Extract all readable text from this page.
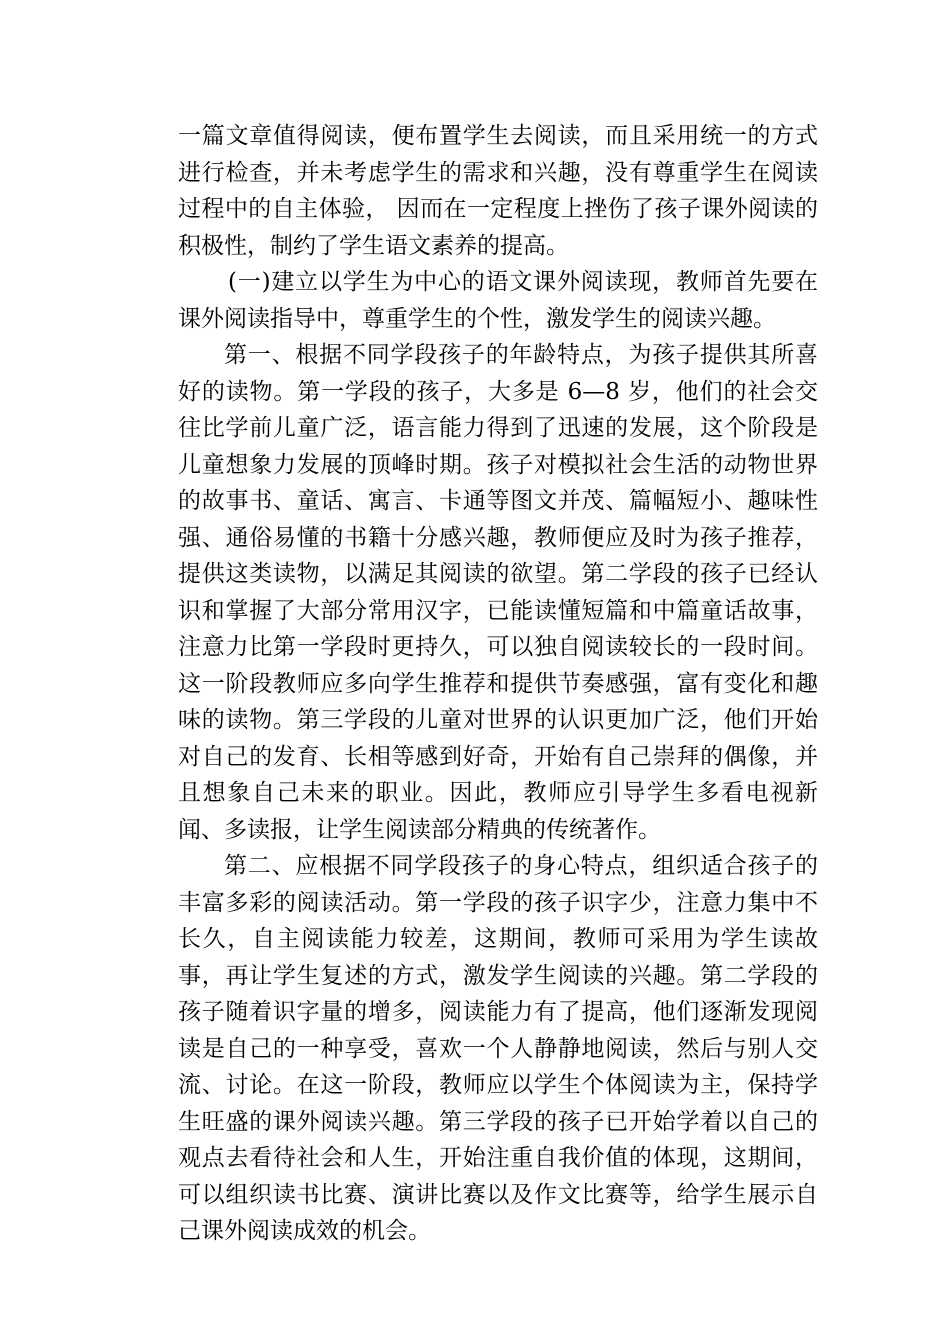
一篇文章值得阅读，便布置学生去阅读，而且采用统一的方式进行检查，并未考虑学生的需求和兴趣，没有尊重学生在阅读过程中的自主体验， 因而在一定程度上挫伤了孩子课外阅读的积极性，制约了学生语文素养的提高。

(一)建立以学生为中心的语文课外阅读现，教师首先要在课外阅读指导中，尊重学生的个性，激发学生的阅读兴趣。

第一、根据不同学段孩子的年龄特点，为孩子提供其所喜好的读物。第一学段的孩子，大多是 6—8 岁，他们的社会交往比学前儿童广泛，语言能力得到了迅速的发展，这个阶段是儿童想象力发展的顶峰时期。孩子对模拟社会生活的动物世界的故事书、童话、寓言、卡通等图文并茂、篇幅短小、趣味性强、通俗易懂的书籍十分感兴趣，教师便应及时为孩子推荐，提供这类读物，以满足其阅读的欲望。第二学段的孩子已经认识和掌握了大部分常用汉字，已能读懂短篇和中篇童话故事，注意力比第一学段时更持久，可以独自阅读较长的一段时间。这一阶段教师应多向学生推荐和提供节奏感强，富有变化和趣味的读物。第三学段的儿童对世界的认识更加广泛，他们开始对自己的发育、长相等感到好奇，开始有自己崇拜的偶像，并且想象自己未来的职业。因此，教师应引导学生多看电视新闻、多读报，让学生阅读部分精典的传统著作。

第二、应根据不同学段孩子的身心特点，组织适合孩子的丰富多彩的阅读活动。第一学段的孩子识字少，注意力集中不长久，自主阅读能力较差，这期间，教师可采用为学生读故事，再让学生复述的方式，激发学生阅读的兴趣。第二学段的孩子随着识字量的增多，阅读能力有了提高，他们逐渐发现阅读是自己的一种享受，喜欢一个人静静地阅读，然后与别人交流、讨论。在这一阶段，教师应以学生个体阅读为主，保持学生旺盛的课外阅读兴趣。第三学段的孩子已开始学着以自己的观点去看待社会和人生，开始注重自我价值的体现，这期间，可以组织读书比赛、演讲比赛以及作文比赛等，给学生展示自己课外阅读成效的机会。
